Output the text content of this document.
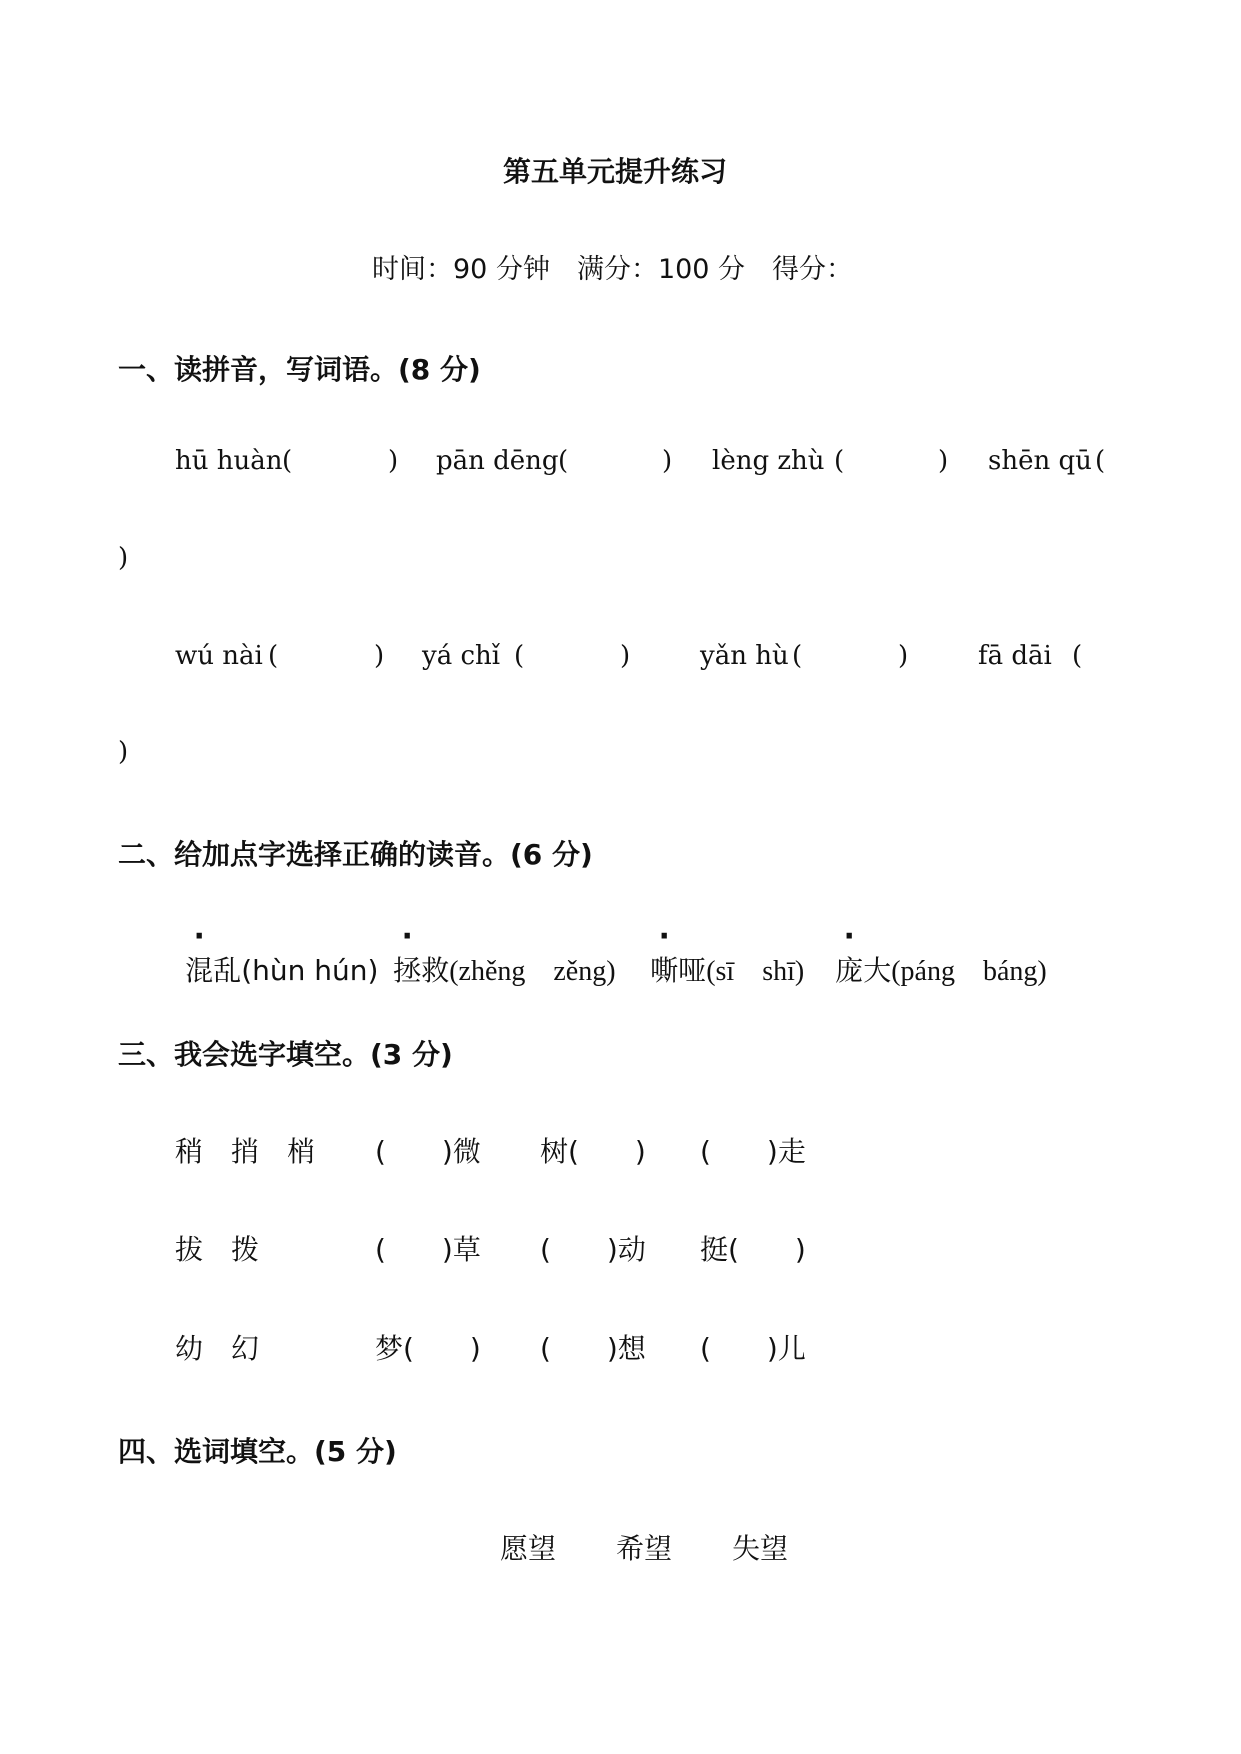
第五单元提升练习
时间：90 分钟　满分：100 分　得分：
一、读拼音，写词语。(8 分)
hū huàn (	) pān dēng (	) lèng zhù (	) shēn qū (
)
wú nài (	) yá chǐ (	)	yǎn hù (	)	fā dāi (
)
二、给加点字选择正确的读音。(6 分)

混乱(hùn hún) 拯救(zhěng　zěng)	嘶哑(sī　shī)	庞大(páng　báng)

三、我会选字填空。(3 分)
稍　捎　梢 (　　)微 树(　　) (　　)走
拔　拨	(　　)草 (　　)动 挺(　　)
幼　幻	梦(　　) (　　)想 (　　)儿
四、选词填空。(5 分)
愿望 希望 失望
